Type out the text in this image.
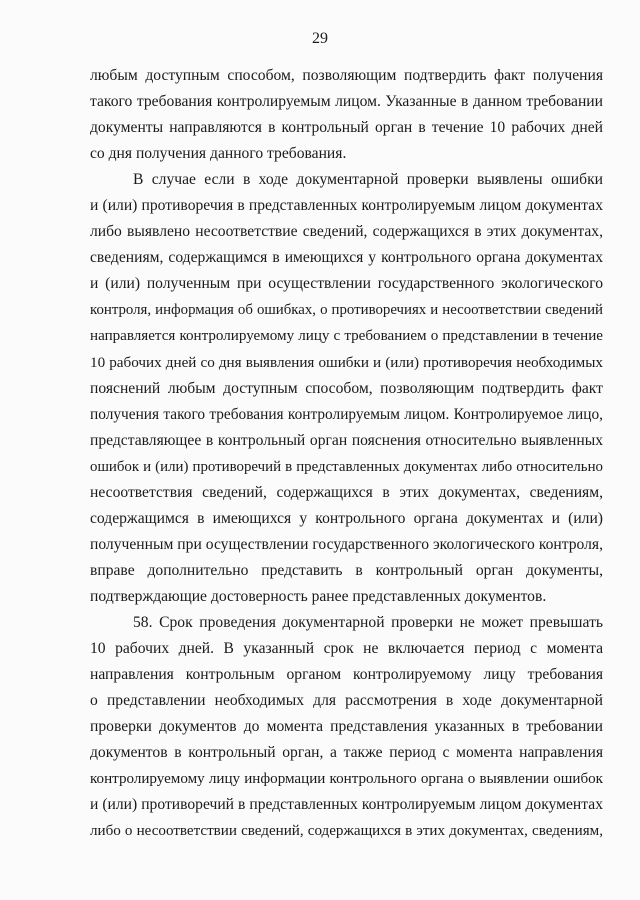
29
любым доступным способом, позволяющим подтвердить факт получения
такого требования контролируемым лицом. Указанные в данном требовании
документы направляются в контрольный орган в течение 10 рабочих дней
со дня получения данного требования.
В случае если в ходе документарной проверки выявлены ошибки
и (или) противоречия в представленных контролируемым лицом документах
либо выявлено несоответствие сведений, содержащихся в этих документах,
сведениям, содержащимся в имеющихся у контрольного органа документах
и (или) полученным при осуществлении государственного экологического
контроля, информация об ошибках, о противоречиях и несоответствии сведений
направляется контролируемому лицу с требованием о представлении в течение
10 рабочих дней со дня выявления ошибки и (или) противоречия необходимых
пояснений любым доступным способом, позволяющим подтвердить факт
получения такого требования контролируемым лицом. Контролируемое лицо,
представляющее в контрольный орган пояснения относительно выявленных
ошибок и (или) противоречий в представленных документах либо относительно
несоответствия сведений, содержащихся в этих документах, сведениям,
содержащимся в имеющихся у контрольного органа документах и (или)
полученным при осуществлении государственного экологического контроля,
вправе дополнительно представить в контрольный орган документы,
подтверждающие достоверность ранее представленных документов.
58. Срок проведения документарной проверки не может превышать
10 рабочих дней. В указанный срок не включается период с момента
направления контрольным органом контролируемому лицу требования
о представлении необходимых для рассмотрения в ходе документарной
проверки документов до момента представления указанных в требовании
документов в контрольный орган, а также период с момента направления
контролируемому лицу информации контрольного органа о выявлении ошибок
и (или) противоречий в представленных контролируемым лицом документах
либо о несоответствии сведений, содержащихся в этих документах, сведениям,
